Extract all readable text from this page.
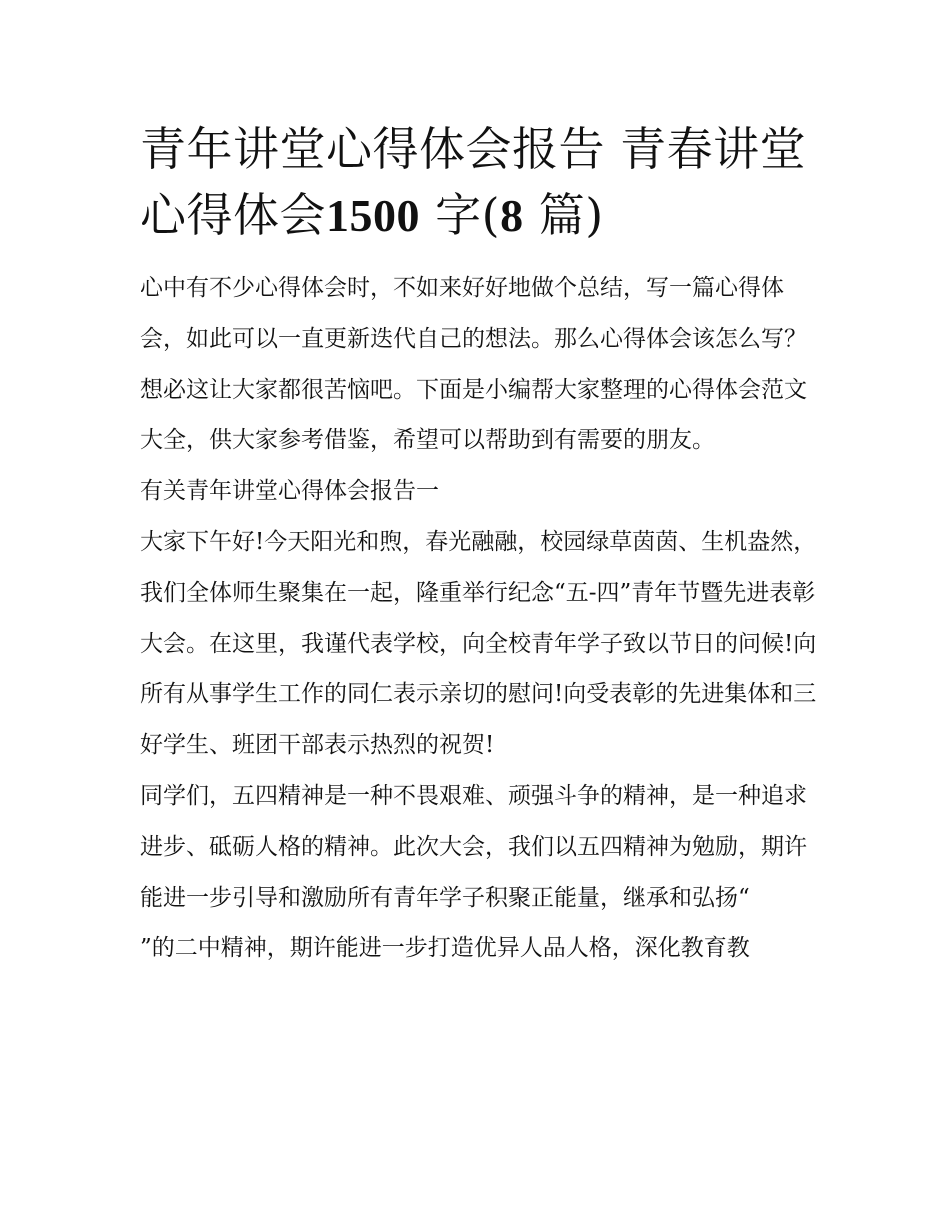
青年讲堂心得体会报告 青春讲堂心得体会1500 字(8 篇)

心中有不少心得体会时，不如来好好地做个总结，写一篇心得体会，如此可以一直更新迭代自己的想法。那么心得体会该怎么写？想必这让大家都很苦恼吧。下面是小编帮大家整理的心得体会范文大全，供大家参考借鉴，希望可以帮助到有需要的朋友。

有关青年讲堂心得体会报告一

大家下午好!今天阳光和煦，春光融融，校园绿草茵茵、生机盎然，我们全体师生聚集在一起，隆重举行纪念“五-四”青年节暨先进表彰大会。在这里，我谨代表学校，向全校青年学子致以节日的问候!向所有从事学生工作的同仁表示亲切的慰问!向受表彰的先进集体和三好学生、班团干部表示热烈的祝贺!

同学们，五四精神是一种不畏艰难、顽强斗争的精神，是一种追求进步、砥砺人格的精神。此次大会，我们以五四精神为勉励，期许能进一步引导和激励所有青年学子积聚正能量，继承和弘扬“

”的二中精神，期许能进一步打造优异人品人格，深化教育教
